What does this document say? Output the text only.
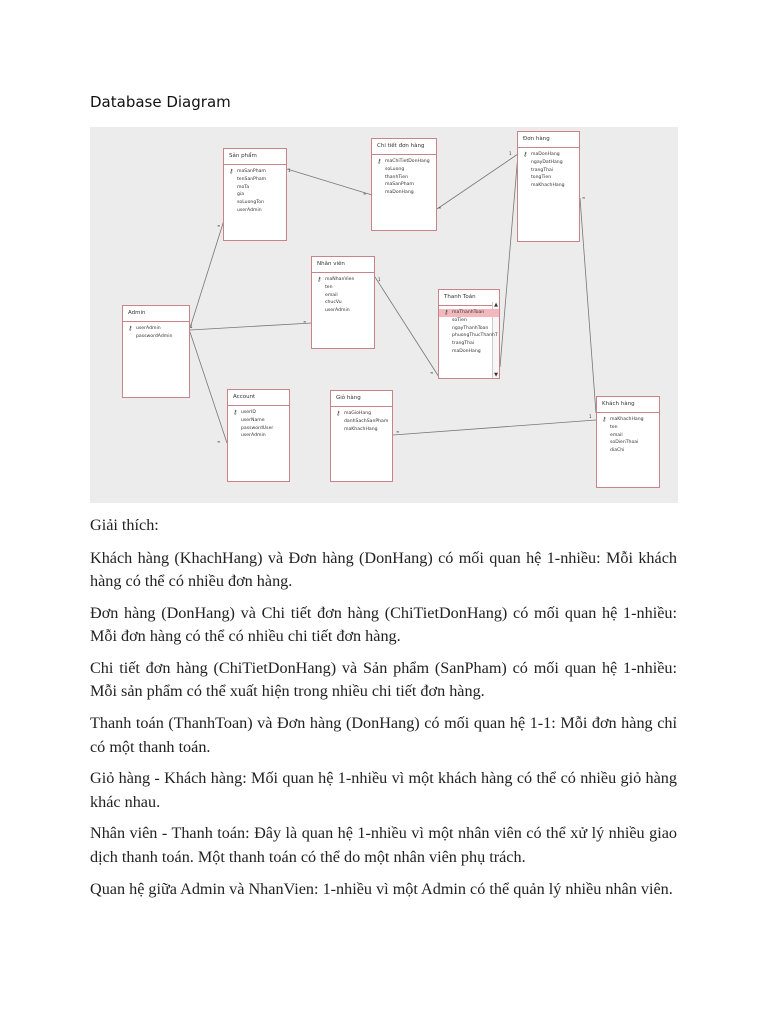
Database Diagram
1
∞
∞
1
∞
1
∞
∞
1
∞
∞
1
∞
Sản phẩm
⚷ maSanPham
tenSanPham
moTa
gia
soLuongTon
userAdmin
Chi tiết đơn hàng
⚷ maChiTietDonHang
soLuong
thanhTien
maSanPham
maDonHang
Đơn hàng
⚷ maDonHang
ngayDatHang
trangThai
tongTien
maKhachHang
Nhân viên
⚷ maNhanVien
ten
email
chucVu
userAdmin
Admin
⚷ userAdmin
passwordAdmin
Thanh Toán
▲
▼
⚷ maThanhToan
soTien
ngayThanhToan
phuongThucThanhT
trangThai
maDonHang
Account
⚷ userID
userName
passwordUser
userAdmin
Giỏ hàng
⚷ maGioHang
danhSachSanPham
maKhachHang
Khách hàng
⚷ maKhachHang
ten
email
soDienThoai
diaChi

Giải thích:

Khách hàng (KhachHang) và Đơn hàng (DonHang) có mối quan hệ 1-nhiều: Mỗi khách hàng có thể có nhiều đơn hàng.

Đơn hàng (DonHang) và Chi tiết đơn hàng (ChiTietDonHang) có mối quan hệ 1-nhiều: Mỗi đơn hàng có thể có nhiều chi tiết đơn hàng.

Chi tiết đơn hàng (ChiTietDonHang) và Sản phẩm (SanPham) có mối quan hệ 1-nhiều: Mỗi sản phẩm có thể xuất hiện trong nhiều chi tiết đơn hàng.

Thanh toán (ThanhToan) và Đơn hàng (DonHang) có mối quan hệ 1-1: Mỗi đơn hàng chỉ có một thanh toán.

Giỏ hàng - Khách hàng: Mối quan hệ 1-nhiều vì một khách hàng có thể có nhiều giỏ hàng khác nhau.

Nhân viên - Thanh toán: Đây là quan hệ 1-nhiều vì một nhân viên có thể xử lý nhiều giao dịch thanh toán. Một thanh toán có thể do một nhân viên phụ trách.

Quan hệ giữa Admin và NhanVien: 1-nhiều vì một Admin có thể quản lý nhiều nhân viên.
